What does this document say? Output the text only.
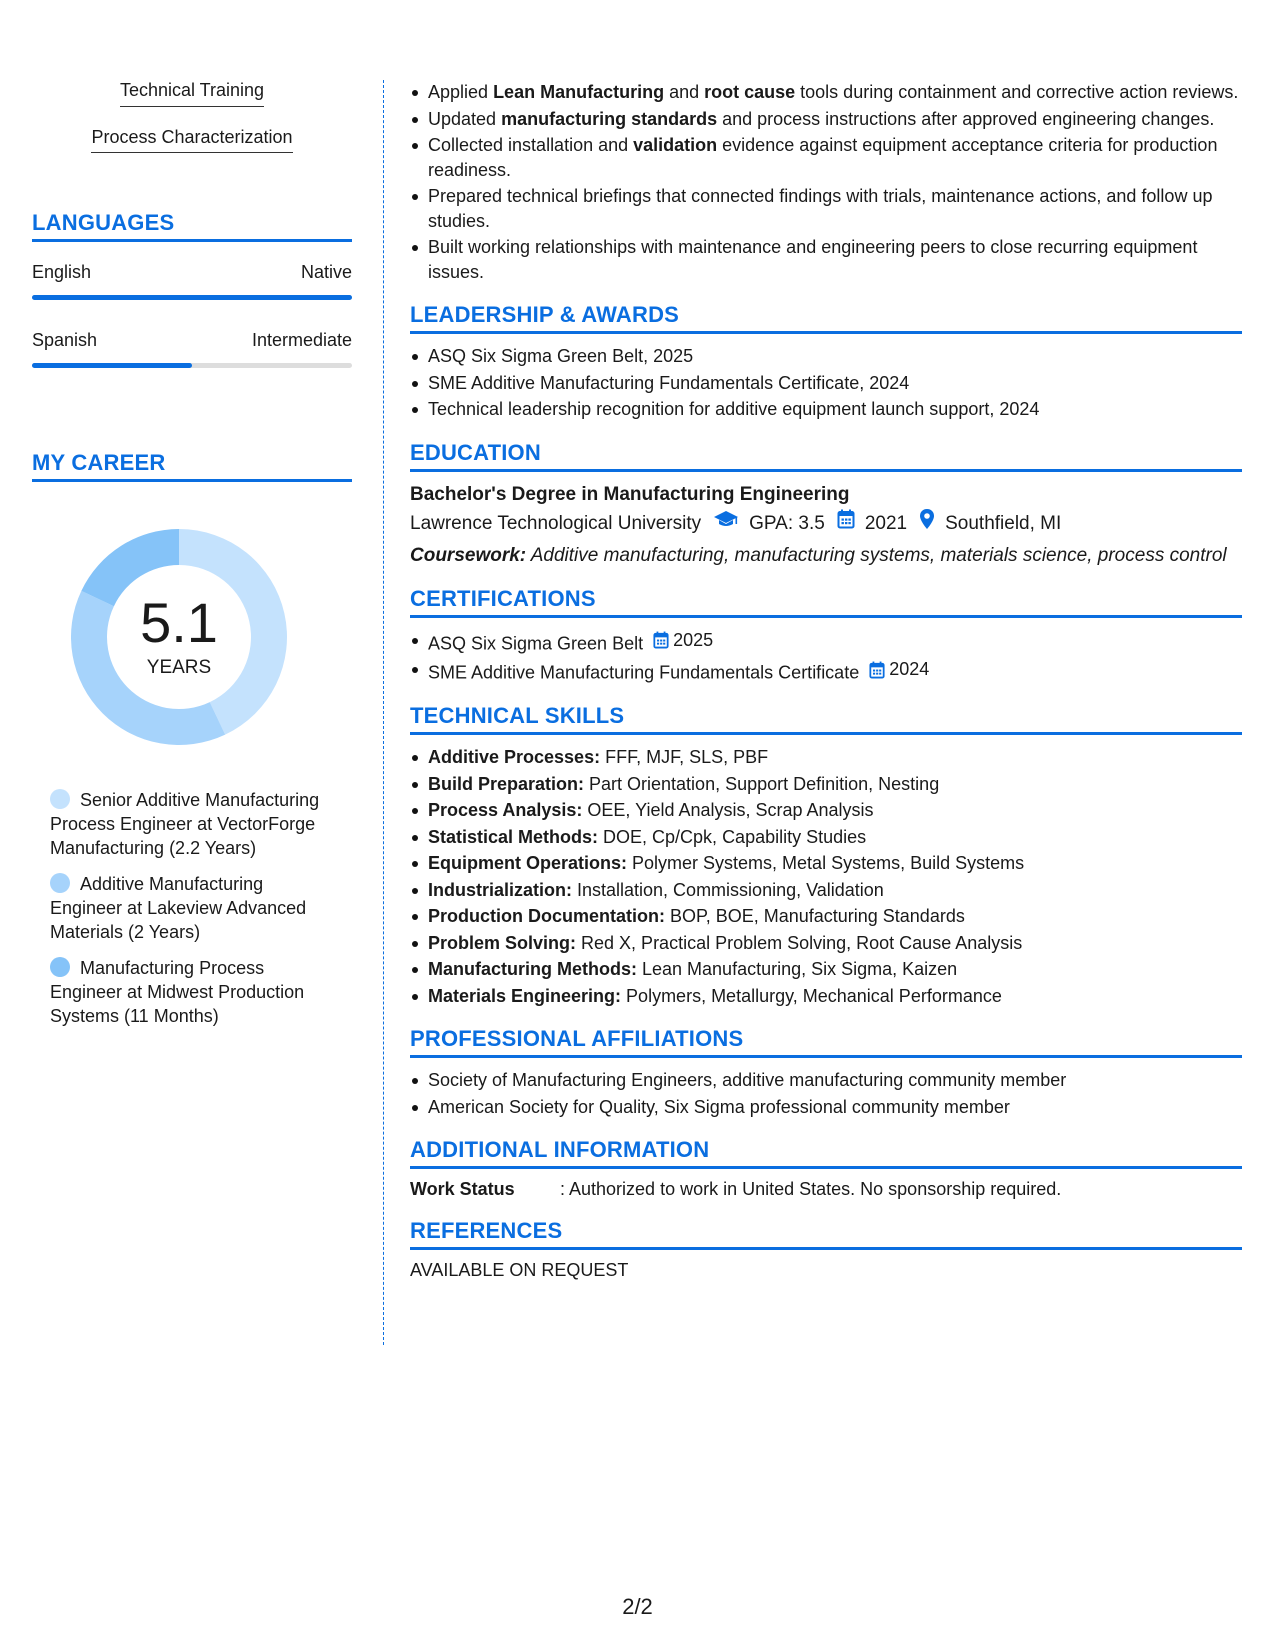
Technical Training
Process Characterization
LANGUAGES
English	Native
Spanish	Intermediate
MY CAREER
5.1
YEARS
Senior Additive Manufacturing Process Engineer at VectorForge Manufacturing (2.2 Years)
Additive Manufacturing Engineer at Lakeview Advanced Materials (2 Years)
Manufacturing Process Engineer at Midwest Production Systems (11 Months)
Applied Lean Manufacturing and root cause tools during containment and corrective action reviews.
Updated manufacturing standards and process instructions after approved engineering changes.
Collected installation and validation evidence against equipment acceptance criteria for production readiness.
Prepared technical briefings that connected findings with trials, maintenance actions, and follow up studies.
Built working relationships with maintenance and engineering peers to close recurring equipment issues.
LEADERSHIP & AWARDS
ASQ Six Sigma Green Belt, 2025
SME Additive Manufacturing Fundamentals Certificate, 2024
Technical leadership recognition for additive equipment launch support, 2024
EDUCATION
Bachelor's Degree in Manufacturing Engineering
Lawrence Technological University	GPA: 3.5 2021 Southfield, MI
Coursework: Additive manufacturing, manufacturing systems, materials science, process control
CERTIFICATIONS
ASQ Six Sigma Green Belt 2025
SME Additive Manufacturing Fundamentals Certificate 2024
TECHNICAL SKILLS
Additive Processes: FFF, MJF, SLS, PBF
Build Preparation: Part Orientation, Support Definition, Nesting
Process Analysis: OEE, Yield Analysis, Scrap Analysis
Statistical Methods: DOE, Cp/Cpk, Capability Studies
Equipment Operations: Polymer Systems, Metal Systems, Build Systems
Industrialization: Installation, Commissioning, Validation
Production Documentation: BOP, BOE, Manufacturing Standards
Problem Solving: Red X, Practical Problem Solving, Root Cause Analysis
Manufacturing Methods: Lean Manufacturing, Six Sigma, Kaizen
Materials Engineering: Polymers, Metallurgy, Mechanical Performance
PROFESSIONAL AFFILIATIONS
Society of Manufacturing Engineers, additive manufacturing community member
American Society for Quality, Six Sigma professional community member
ADDITIONAL INFORMATION
Work Status	: Authorized to work in United States. No sponsorship required.
REFERENCES
AVAILABLE ON REQUEST
2/2
